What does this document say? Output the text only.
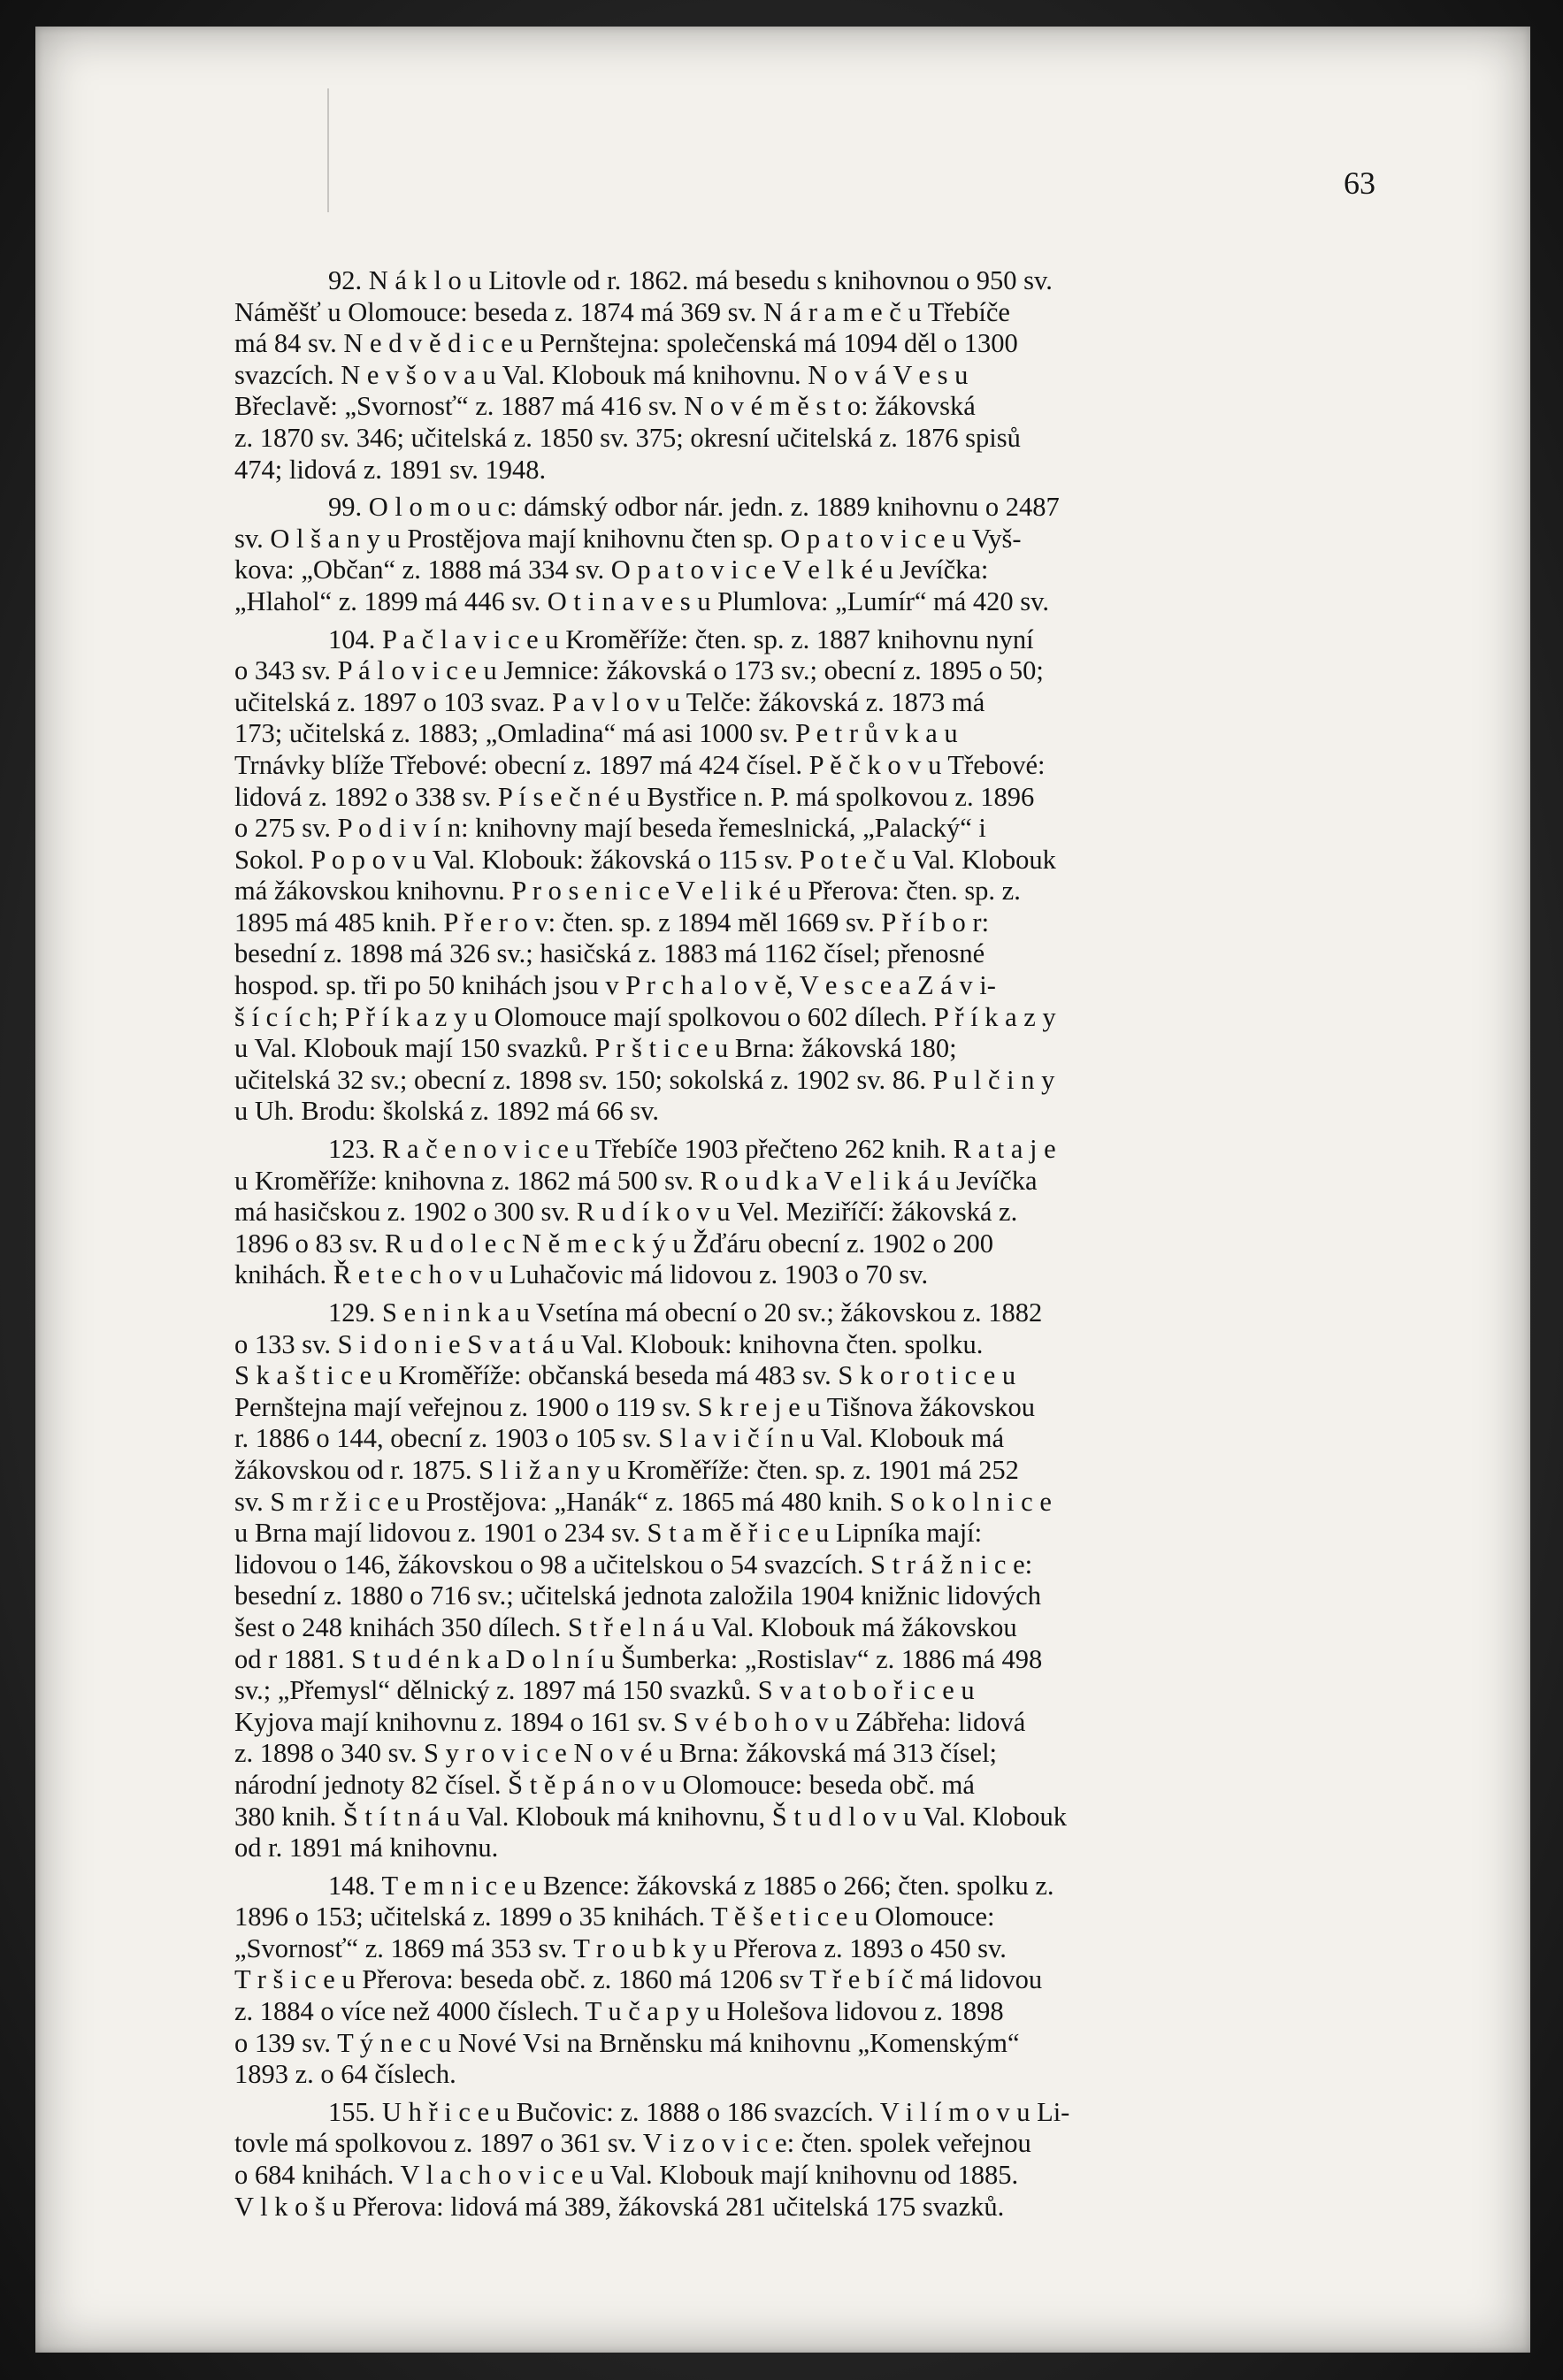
63
92. N á k l o u Litovle od r. 1862. má besedu s knihovnou o 950 sv.
Náměšť u Olomouce: beseda z. 1874 má 369 sv. N á r a m e č u Třebíče
má 84 sv. N e d v ě d i c e u Pernštejna: společenská má 1094 děl o 1300
svazcích. N e v š o v a u Val. Klobouk má knihovnu. N o v á V e s u
Břeclavě: „Svornosť“ z. 1887 má 416 sv. N o v é m ě s t o: žákovská
z. 1870 sv. 346; učitelská z. 1850 sv. 375; okresní učitelská z. 1876 spisů
474; lidová z. 1891 sv. 1948.
99. O l o m o u c: dámský odbor nár. jedn. z. 1889 knihovnu o 2487
sv. O l š a n y u Prostějova mají knihovnu čten sp. O p a t o v i c e u Vyš-
kova: „Občan“ z. 1888 má 334 sv. O p a t o v i c e V e l k é u Jevíčka:
„Hlahol“ z. 1899 má 446 sv. O t i n a v e s u Plumlova: „Lumír“ má 420 sv.
104. P a č l a v i c e u Kroměříže: čten. sp. z. 1887 knihovnu nyní
o 343 sv. P á l o v i c e u Jemnice: žákovská o 173 sv.; obecní z. 1895 o 50;
učitelská z. 1897 o 103 svaz. P a v l o v u Telče: žákovská z. 1873 má
173; učitelská z. 1883; „Omladina“ má asi 1000 sv. P e t r ů v k a u
Trnávky blíže Třebové: obecní z. 1897 má 424 čísel. P ě č k o v u Třebové:
lidová z. 1892 o 338 sv. P í s e č n é u Bystřice n. P. má spolkovou z. 1896
o 275 sv. P o d i v í n: knihovny mají beseda řemeslnická, „Palacký“ i
Sokol. P o p o v u Val. Klobouk: žákovská o 115 sv. P o t e č u Val. Klobouk
má žákovskou knihovnu. P r o s e n i c e V e l i k é u Přerova: čten. sp. z.
1895 má 485 knih. P ř e r o v: čten. sp. z 1894 měl 1669 sv. P ř í b o r:
besední z. 1898 má 326 sv.; hasičská z. 1883 má 1162 čísel; přenosné
hospod. sp. tři po 50 knihách jsou v P r c h a l o v ě, V e s c e a Z á v i-
š í c í c h; P ř í k a z y u Olomouce mají spolkovou o 602 dílech. P ř í k a z y
u Val. Klobouk mají 150 svazků. P r š t i c e u Brna: žákovská 180;
učitelská 32 sv.; obecní z. 1898 sv. 150; sokolská z. 1902 sv. 86. P u l č i n y
u Uh. Brodu: školská z. 1892 má 66 sv.
123. R a č e n o v i c e u Třebíče 1903 přečteno 262 knih. R a t a j e
u Kroměříže: knihovna z. 1862 má 500 sv. R o u d k a V e l i k á u Jevíčka
má hasičskou z. 1902 o 300 sv. R u d í k o v u Vel. Meziříčí: žákovská z.
1896 o 83 sv. R u d o l e c N ě m e c k ý u Žďáru obecní z. 1902 o 200
knihách. Ř e t e c h o v u Luhačovic má lidovou z. 1903 o 70 sv.
129. S e n i n k a u Vsetína má obecní o 20 sv.; žákovskou z. 1882
o 133 sv. S i d o n i e S v a t á u Val. Klobouk: knihovna čten. spolku.
S k a š t i c e u Kroměříže: občanská beseda má 483 sv. S k o r o t i c e u
Pernštejna mají veřejnou z. 1900 o 119 sv. S k r e j e u Tišnova žákovskou
r. 1886 o 144, obecní z. 1903 o 105 sv. S l a v i č í n u Val. Klobouk má
žákovskou od r. 1875. S l i ž a n y u Kroměříže: čten. sp. z. 1901 má 252
sv. S m r ž i c e u Prostějova: „Hanák“ z. 1865 má 480 knih. S o k o l n i c e
u Brna mají lidovou z. 1901 o 234 sv. S t a m ě ř i c e u Lipníka mají:
lidovou o 146, žákovskou o 98 a učitelskou o 54 svazcích. S t r á ž n i c e:
besední z. 1880 o 716 sv.; učitelská jednota založila 1904 knižnic lidových
šest o 248 knihách 350 dílech. S t ř e l n á u Val. Klobouk má žákovskou
od r 1881. S t u d é n k a D o l n í u Šumberka: „Rostislav“ z. 1886 má 498
sv.; „Přemysl“ dělnický z. 1897 má 150 svazků. S v a t o b o ř i c e u
Kyjova mají knihovnu z. 1894 o 161 sv. S v é b o h o v u Zábřeha: lidová
z. 1898 o 340 sv. S y r o v i c e N o v é u Brna: žákovská má 313 čísel;
národní jednoty 82 čísel. Š t ě p á n o v u Olomouce: beseda obč. má
380 knih. Š t í t n á u Val. Klobouk má knihovnu, Š t u d l o v u Val. Klobouk
od r. 1891 má knihovnu.
148. T e m n i c e u Bzence: žákovská z 1885 o 266; čten. spolku z.
1896 o 153; učitelská z. 1899 o 35 knihách. T ě š e t i c e u Olomouce:
„Svornosť“ z. 1869 má 353 sv. T r o u b k y u Přerova z. 1893 o 450 sv.
T r š i c e u Přerova: beseda obč. z. 1860 má 1206 sv T ř e b í č má lidovou
z. 1884 o více než 4000 číslech. T u č a p y u Holešova lidovou z. 1898
o 139 sv. T ý n e c u Nové Vsi na Brněnsku má knihovnu „Komenským“
1893 z. o 64 číslech.
155. U h ř i c e u Bučovic: z. 1888 o 186 svazcích. V i l í m o v u Li-
tovle má spolkovou z. 1897 o 361 sv. V i z o v i c e: čten. spolek veřejnou
o 684 knihách. V l a c h o v i c e u Val. Klobouk mají knihovnu od 1885.
V l k o š u Přerova: lidová má 389, žákovská 281 učitelská 175 svazků.
